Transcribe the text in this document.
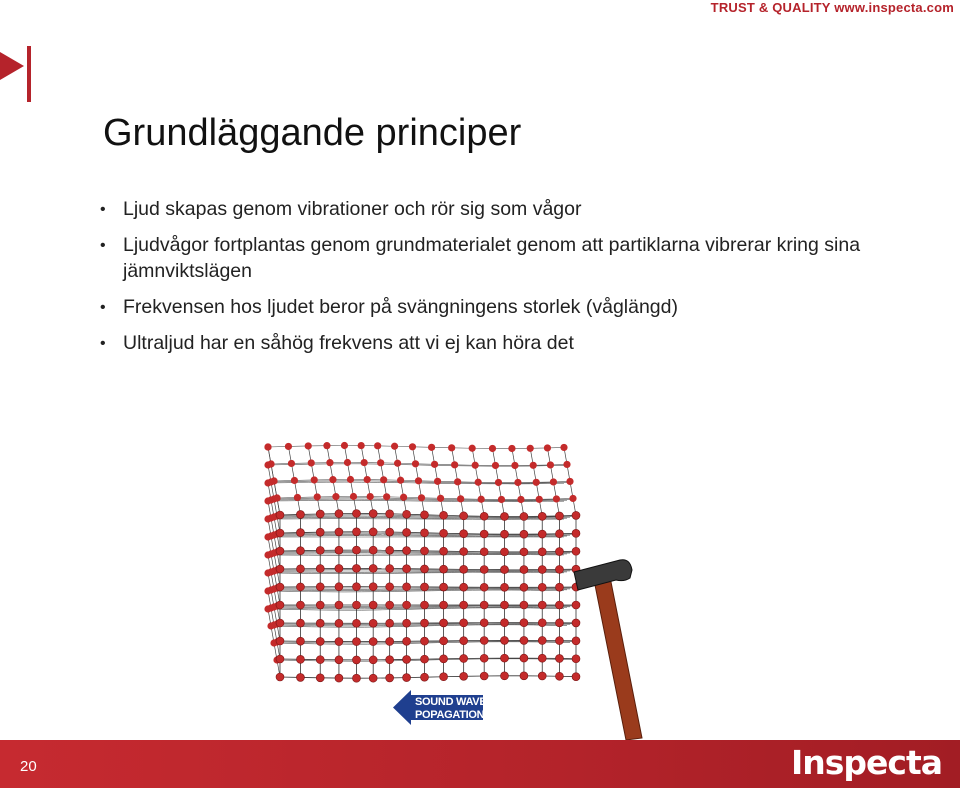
TRUST & QUALITY www.inspecta.com
Grundläggande principer
• Ljud skapas genom vibrationer och rör sig som vågor
• Ljudvågor fortplantas genom grundmaterialet genom att partiklarna vibrerar kring sina jämnviktslägen
• Frekvensen hos ljudet beror på svängningens storlek (våglängd)
• Ultraljud har en såhög frekvens att vi ej kan höra det
SOUND WAVE
POPAGATION
20	Inspecta
